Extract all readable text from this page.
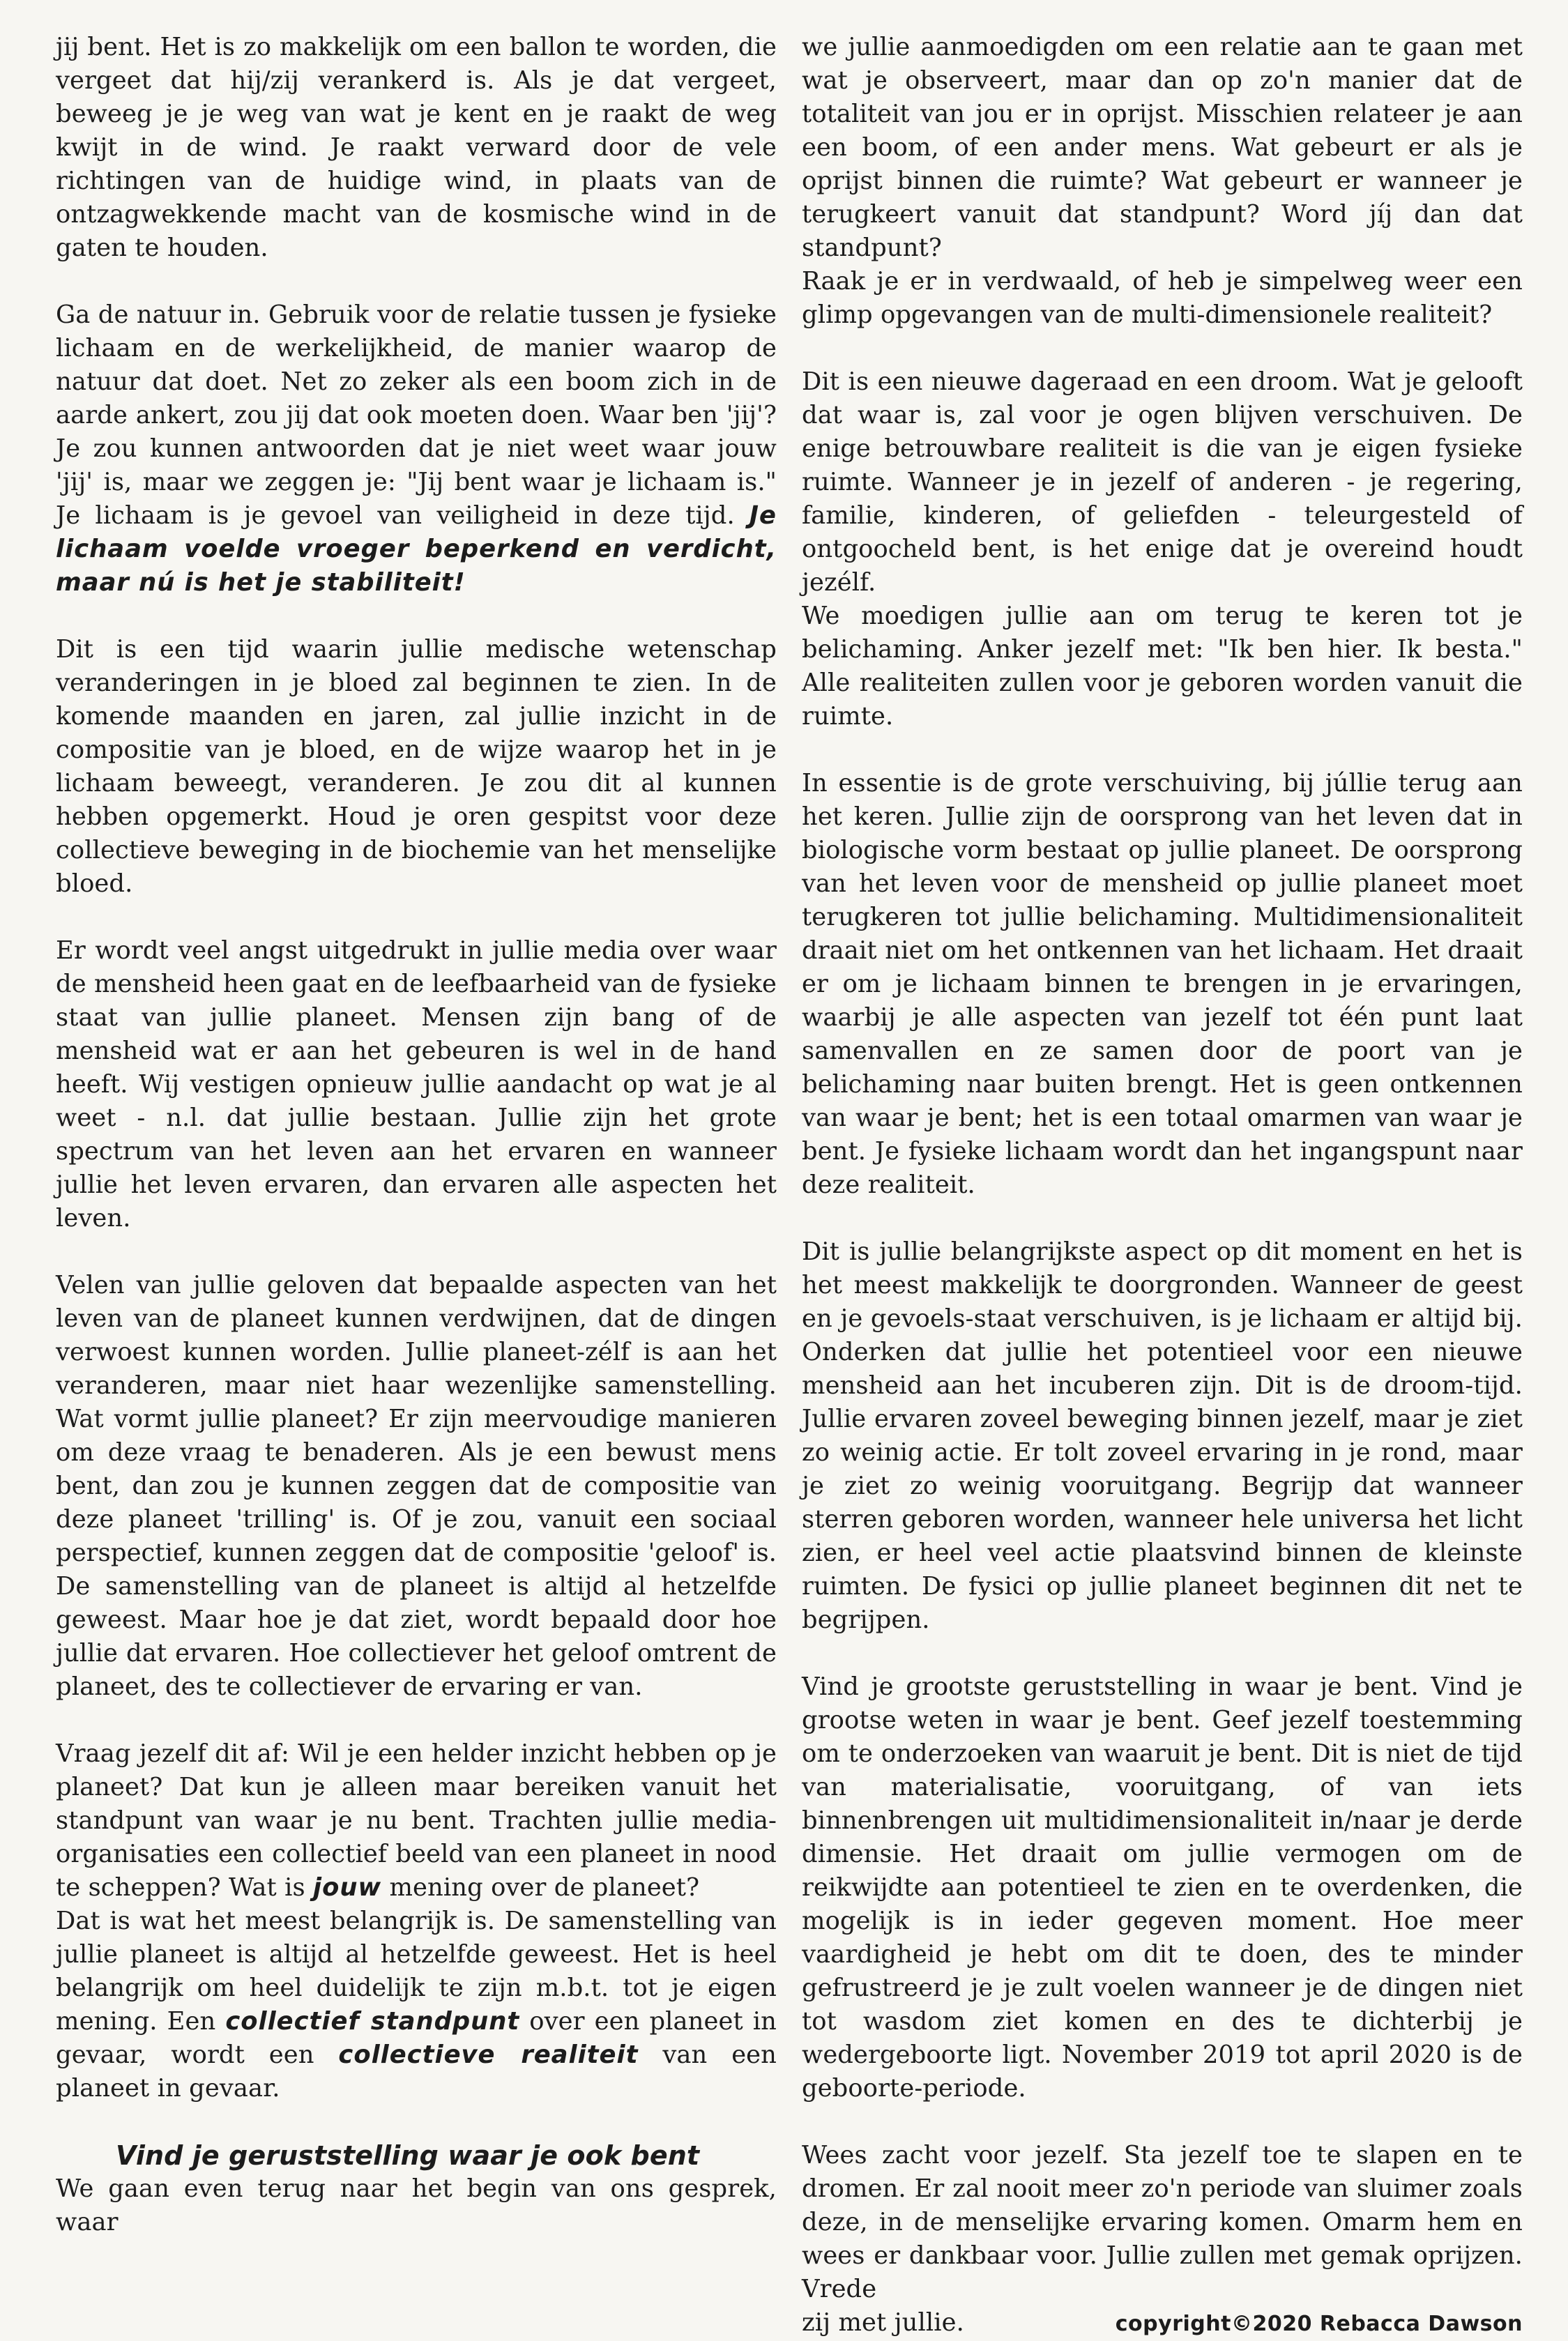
jij bent. Het is zo makkelijk om een ballon te worden, die vergeet dat hij/zij verankerd is. Als je dat vergeet, beweeg je je weg van wat je kent en je raakt de weg kwijt in de wind. Je raakt verward door de vele richtingen van de huidige wind, in plaats van de ontzagwekkende macht van de kosmische wind in de gaten te houden.

Ga de natuur in. Gebruik voor de relatie tussen je fysieke lichaam en de werkelijkheid, de manier waarop de natuur dat doet. Net zo zeker als een boom zich in de aarde ankert, zou jij dat ook moeten doen. Waar ben 'jij'? Je zou kunnen antwoorden dat je niet weet waar jouw 'jij' is, maar we zeggen je: "Jij bent waar je lichaam is." Je lichaam is je gevoel van veiligheid in deze tijd. Je lichaam voelde vroeger beperkend en verdicht, maar nú is het je stabiliteit!

Dit is een tijd waarin jullie medische wetenschap veranderingen in je bloed zal beginnen te zien. In de komende maanden en jaren, zal jullie inzicht in de compositie van je bloed, en de wijze waarop het in je lichaam beweegt, veranderen. Je zou dit al kunnen hebben opgemerkt. Houd je oren gespitst voor deze collectieve beweging in de biochemie van het menselijke bloed.

Er wordt veel angst uitgedrukt in jullie media over waar de mensheid heen gaat en de leefbaarheid van de fysieke staat van jullie planeet. Mensen zijn bang of de mensheid wat er aan het gebeuren is wel in de hand heeft. Wij vestigen opnieuw jullie aandacht op wat je al weet - n.l. dat jullie bestaan. Jullie zijn het grote spectrum van het leven aan het ervaren en wanneer jullie het leven ervaren, dan ervaren alle aspecten het leven.

Velen van jullie geloven dat bepaalde aspecten van het leven van de planeet kunnen verdwijnen, dat de dingen verwoest kunnen worden. Jullie planeet-zélf is aan het veranderen, maar niet haar wezenlijke samenstelling. Wat vormt jullie planeet? Er zijn meervoudige manieren om deze vraag te benaderen. Als je een bewust mens bent, dan zou je kunnen zeggen dat de compositie van deze planeet 'trilling' is. Of je zou, vanuit een sociaal perspectief, kunnen zeggen dat de compositie 'geloof' is. De samenstelling van de planeet is altijd al hetzelfde geweest. Maar hoe je dat ziet, wordt bepaald door hoe jullie dat ervaren. Hoe collectiever het geloof omtrent de planeet, des te collectiever de ervaring er van.

Vraag jezelf dit af: Wil je een helder inzicht hebben op je planeet? Dat kun je alleen maar bereiken vanuit het standpunt van waar je nu bent. Trachten jullie media-organisaties een collectief beeld van een planeet in nood te scheppen? Wat is jouw mening over de planeet?

Dat is wat het meest belangrijk is. De samenstelling van jullie planeet is altijd al hetzelfde geweest. Het is heel belangrijk om heel duidelijk te zijn m.b.t. tot je eigen mening. Een collectief standpunt over een planeet in gevaar, wordt een collectieve realiteit van een planeet in gevaar.

Vind je geruststelling waar je ook bent
We gaan even terug naar het begin van ons gesprek, waar

we jullie aanmoedigden om een relatie aan te gaan met wat je observeert, maar dan op zo'n manier dat de totaliteit van jou er in oprijst. Misschien relateer je aan een boom, of een ander mens. Wat gebeurt er als je oprijst binnen die ruimte? Wat gebeurt er wanneer je terugkeert vanuit dat standpunt? Word jíj dan dat standpunt?

Raak je er in verdwaald, of heb je simpelweg weer een glimp opgevangen van de multi-dimensionele realiteit?

Dit is een nieuwe dageraad en een droom. Wat je gelooft dat waar is, zal voor je ogen blijven verschuiven. De enige betrouwbare realiteit is die van je eigen fysieke ruimte. Wanneer je in jezelf of anderen - je regering, familie, kinderen, of geliefden - teleurgesteld of ontgoocheld bent, is het enige dat je overeind houdt jezélf.

We moedigen jullie aan om terug te keren tot je belichaming. Anker jezelf met: "Ik ben hier. Ik besta." Alle realiteiten zullen voor je geboren worden vanuit die ruimte.

In essentie is de grote verschuiving, bij júllie terug aan het keren. Jullie zijn de oorsprong van het leven dat in biologische vorm bestaat op jullie planeet. De oorsprong van het leven voor de mensheid op jullie planeet moet terugkeren tot jullie belichaming. Multidimensionaliteit draait niet om het ontkennen van het lichaam. Het draait er om je lichaam binnen te brengen in je ervaringen, waarbij je alle aspecten van jezelf tot één punt laat samenvallen en ze samen door de poort van je belichaming naar buiten brengt. Het is geen ontkennen van waar je bent; het is een totaal omarmen van waar je bent. Je fysieke lichaam wordt dan het ingangspunt naar deze realiteit.

Dit is jullie belangrijkste aspect op dit moment en het is het meest makkelijk te doorgronden. Wanneer de geest en je gevoels-staat verschuiven, is je lichaam er altijd bij. Onderken dat jullie het potentieel voor een nieuwe mensheid aan het incuberen zijn. Dit is de droom-tijd. Jullie ervaren zoveel beweging binnen jezelf, maar je ziet zo weinig actie. Er tolt zoveel ervaring in je rond, maar je ziet zo weinig vooruitgang. Begrijp dat wanneer sterren geboren worden, wanneer hele universa het licht zien, er heel veel actie plaatsvind binnen de kleinste ruimten. De fysici op jullie planeet beginnen dit net te begrijpen.

Vind je grootste geruststelling in waar je bent. Vind je grootse weten in waar je bent. Geef jezelf toestemming om te onderzoeken van waaruit je bent. Dit is niet de tijd van materialisatie, vooruitgang, of van iets binnenbrengen uit multidimensionaliteit in/naar je derde dimensie. Het draait om jullie vermogen om de reikwijdte aan potentieel te zien en te overdenken, die mogelijk is in ieder gegeven moment. Hoe meer vaardigheid je hebt om dit te doen, des te minder gefrustreerd je je zult voelen wanneer je de dingen niet tot wasdom ziet komen en des te dichterbij je wedergeboorte ligt. November 2019 tot april 2020 is de geboorte-periode.

Wees zacht voor jezelf. Sta jezelf toe te slapen en te dromen. Er zal nooit meer zo'n periode van sluimer zoals deze, in de menselijke ervaring komen. Omarm hem en wees er dankbaar voor. Jullie zullen met gemak oprijzen. Vrede

zij met jullie.	copyright©2020 Rebacca Dawson
